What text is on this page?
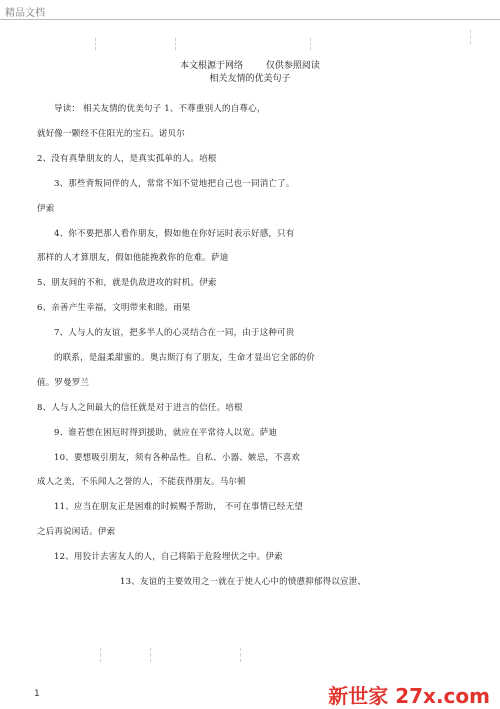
精品文档
本文根源于网络        仅供参照阅读
相关友情的优美句子
导读： 相关友情的优美句子 1、不尊重别人的自尊心，
就好像一颗经不住阳光的宝石。诺贝尔
2、没有真挚朋友的人，是真实孤单的人。培根
3、那些背叛同伴的人，常常不知不觉地把自己也一同消亡了。
伊索
4、你不要把那人看作朋友，假如他在你好运时表示好感，只有
那样的人才算朋友，假如他能挽救你的危难。萨迪
5、朋友间的不和，就是仇敌进攻的时机。伊索
6、亲善产生幸福，文明带来和睦。雨果
7、人与人的友谊，把多半人的心灵结合在一同，由于这种可贵
的联系，是温柔甜蜜的。奥古斯汀有了朋友，生命才显出它全部的价
值。罗曼罗兰
8、人与人之间最大的信任就是对于进言的信任。培根
9、谁若想在困厄时得到援助，就应在平常待人以宽。萨迪
10、要想吸引朋友，须有各种品性。自私、小器、嫉忌，不喜欢
成人之美，不乐闻人之誉的人，不能获得朋友。马尔顿
11、应当在朋友正是困难的时候赐予帮助， 不可在事情已经无望
之后再说闲话。伊索
12、用狡计去害友人的人，自己将陷于危险埋伏之中。伊索
13、友谊的主要效用之一就在于使人心中的愤懑抑郁得以宣泄、
1	新世家 27x.com
